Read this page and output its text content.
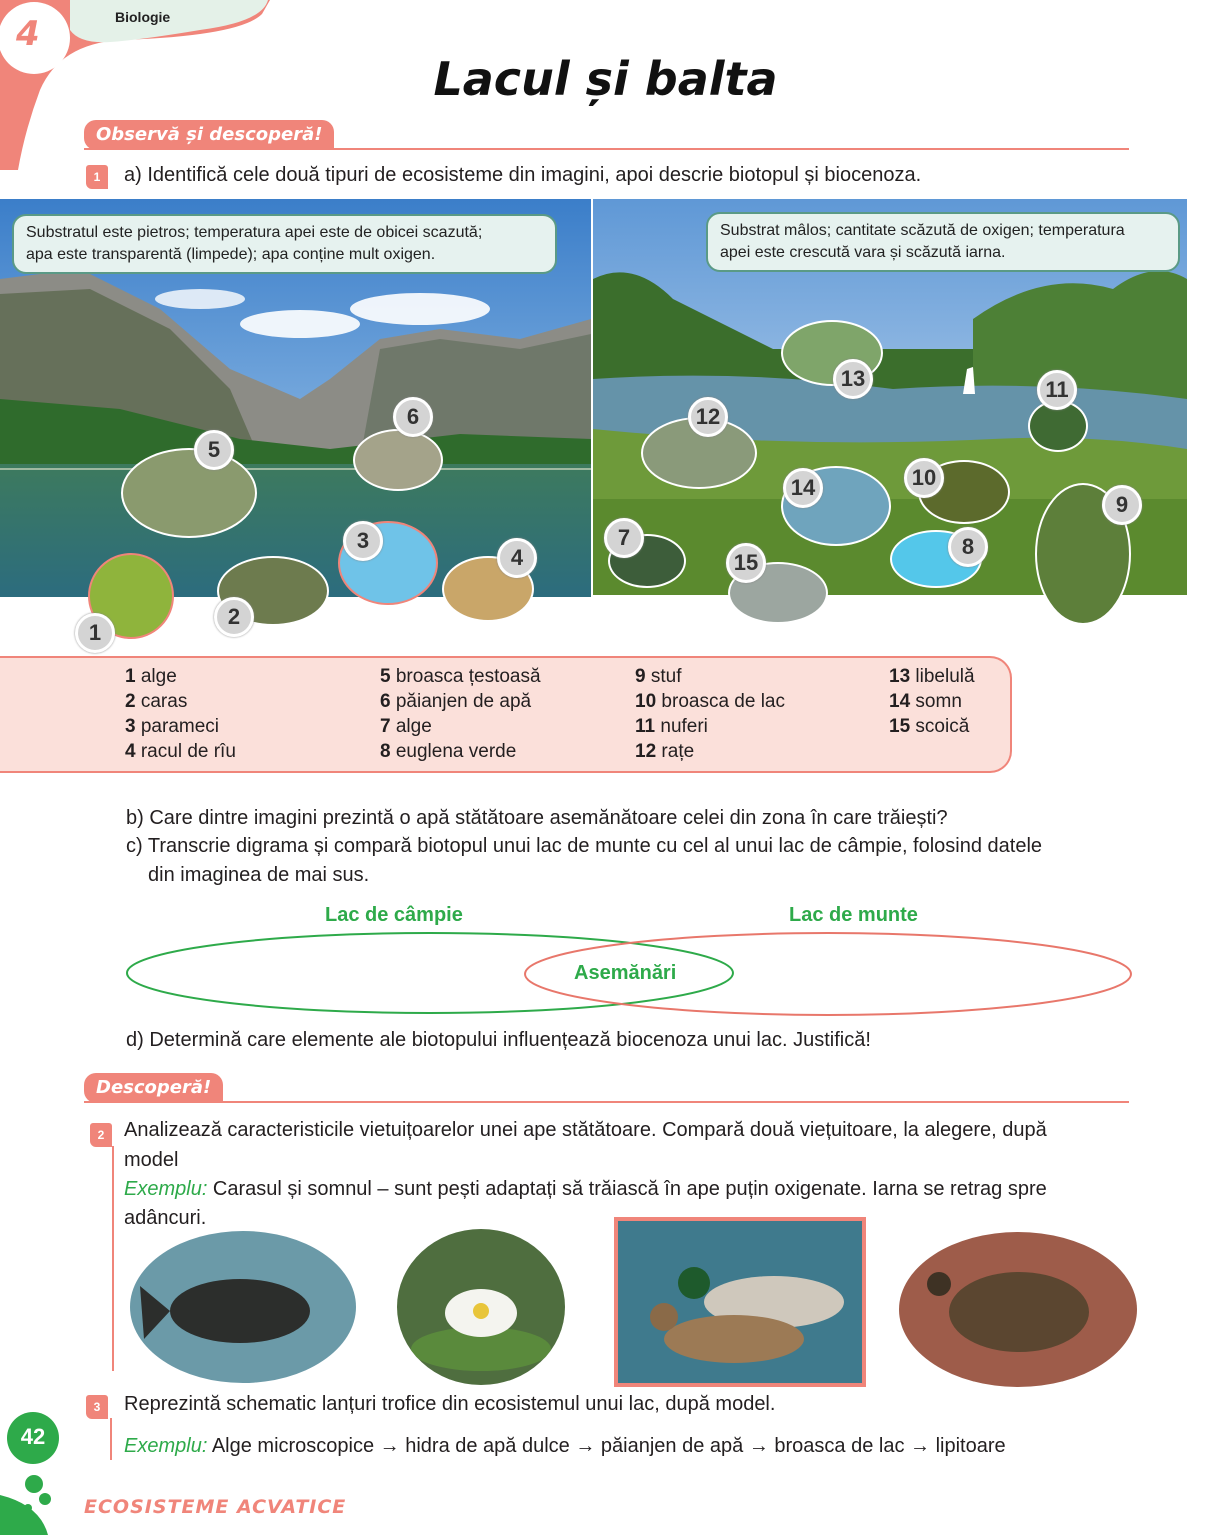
4	Biologie
Lacul și balta
Observă și descoperă!
1	a) Identifică cele două tipuri de ecosisteme din imagini, apoi descrie biotopul și biocenoza.
Substratul este pietros; temperatura apei este de obicei scazută;
apa este transparentă (limpede); apa conține mult oxigen.
Substrat mâlos; cantitate scăzută de oxigen; temperatura
apei este crescută vara și scăzută iarna.
1
2
3
4
5
6
7	8
9
10
11
12
13
14
15
1 alge
2 caras
3 parameci
4 racul de rîu
5 broasca țestoasă
6 păianjen de apă
7 alge
8 euglena verde
9 stuf
10 broasca de lac
11 nuferi
12 rațe
13 libelulă
14 somn
15 scoică
b) Care dintre imagini prezintă o apă stătătoare asemănătoare celei din zona în care trăiești?
c) Transcrie digrama și compară biotopul unui lac de munte cu cel al unui lac de câmpie, folosind datele
din imaginea de mai sus.
Lac de câmpie	Lac de munte
Asemănări
d) Determină care elemente ale biotopului influențează biocenoza unui lac. Justifică!
Descoperă!
2 Analizează caracteristicile vietuițoarelor unei ape stătătoare. Compară două viețuitoare, la alegere, după
model
Exemplu: Carasul și somnul – sunt pești adaptați să trăiască în ape puțin oxigenate. Iarna se retrag spre
adâncuri.
3	Reprezintă schematic lanțuri trofice din ecosistemul unui lac, după model.
Exemplu: Alge microscopice → hidra de apă dulce → păianjen de apă → broasca de lac → lipitoare
42
ECOSISTEME ACVATICE
